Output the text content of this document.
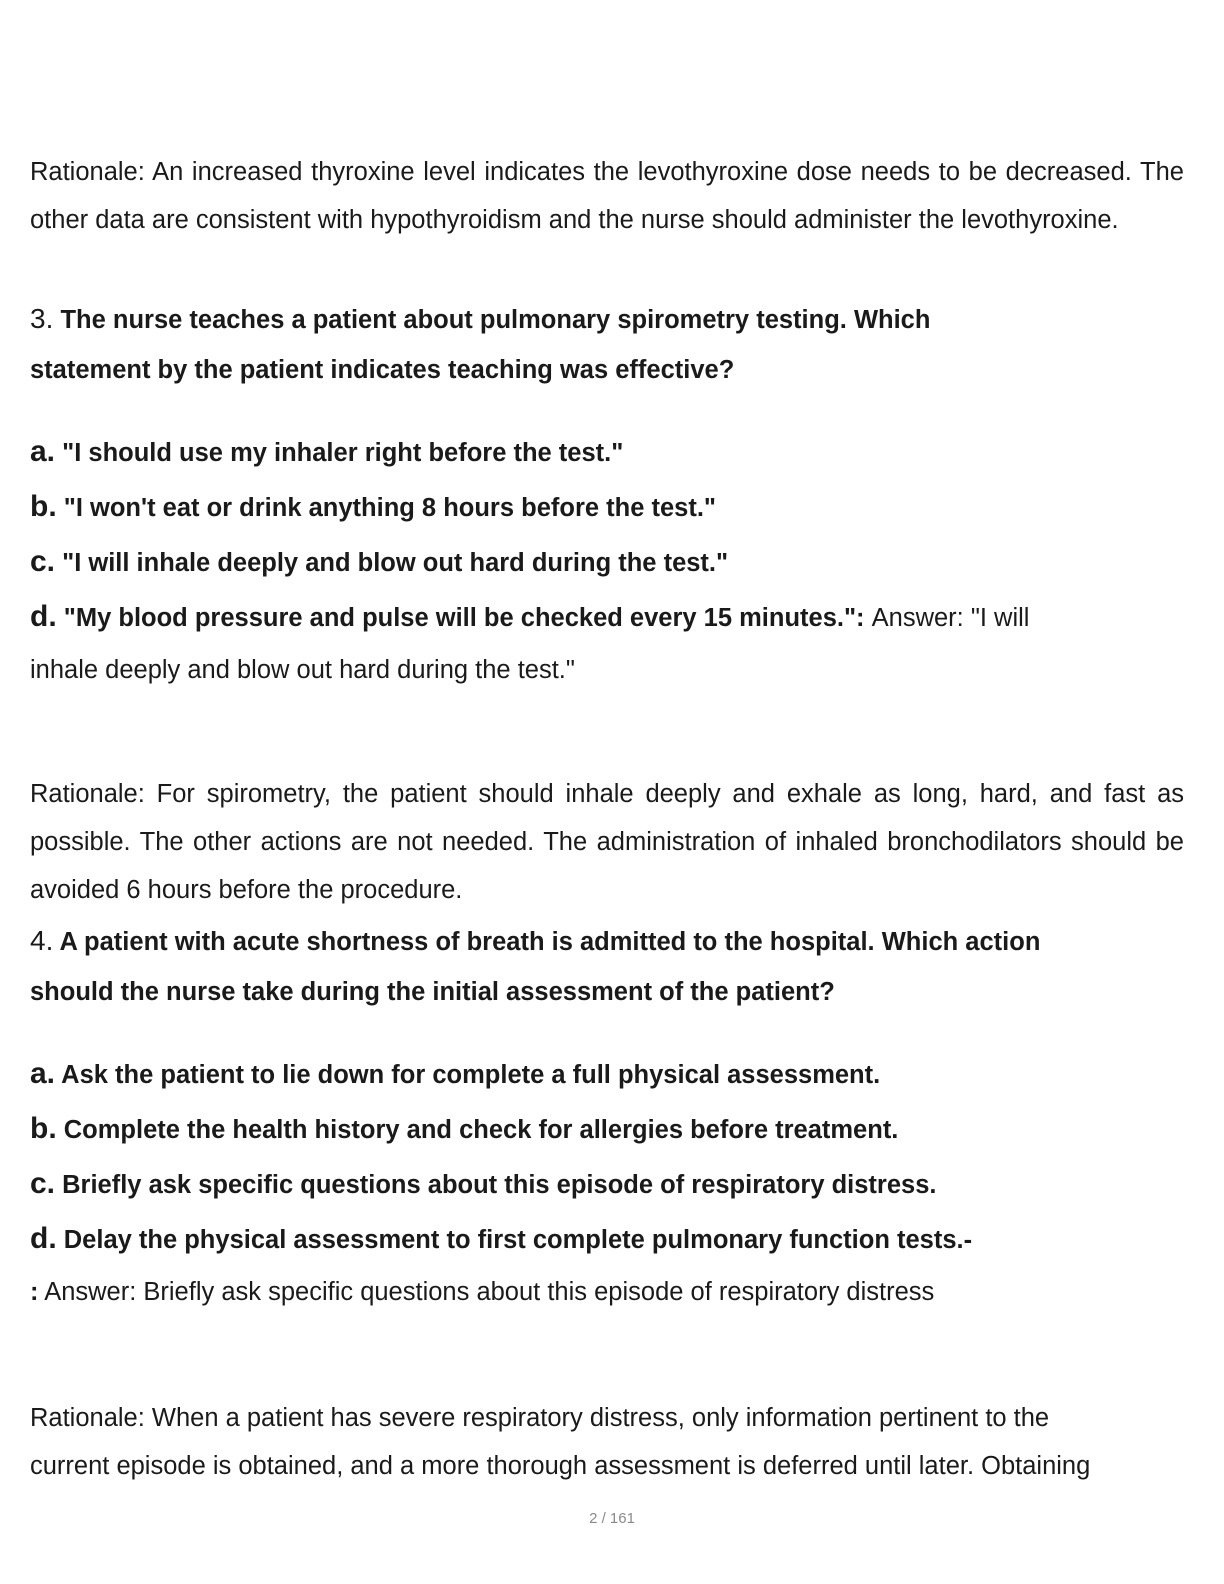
Rationale: An increased thyroxine level indicates the levothyroxine dose needs to be decreased. The other data are consistent with hypothyroidism and the nurse should administer the levothyroxine.

3. The nurse teaches a patient about pulmonary spirometry testing. Which

statement by the patient indicates teaching was effective?

a. "I should use my inhaler right before the test."

b. "I won't eat or drink anything 8 hours before the test."

c. "I will inhale deeply and blow out hard during the test."

d. "My blood pressure and pulse will be checked every 15 minutes.": Answer: "I will

inhale deeply and blow out hard during the test."

Rationale: For spirometry, the patient should inhale deeply and exhale as long, hard, and fast as possible. The other actions are not needed. The administration of inhaled bronchodilators should be avoided 6 hours before the procedure.

4. A patient with acute shortness of breath is admitted to the hospital. Which action

should the nurse take during the initial assessment of the patient?

a. Ask the patient to lie down for complete a full physical assessment.

b. Complete the health history and check for allergies before treatment.

c. Briefly ask specific questions about this episode of respiratory distress.

d. Delay the physical assessment to first complete pulmonary function tests.-

: Answer: Briefly ask specific questions about this episode of respiratory distress

Rationale: When a patient has severe respiratory distress, only information pertinent to the

current episode is obtained, and a more thorough assessment is deferred until later. Obtaining

2 / 161
